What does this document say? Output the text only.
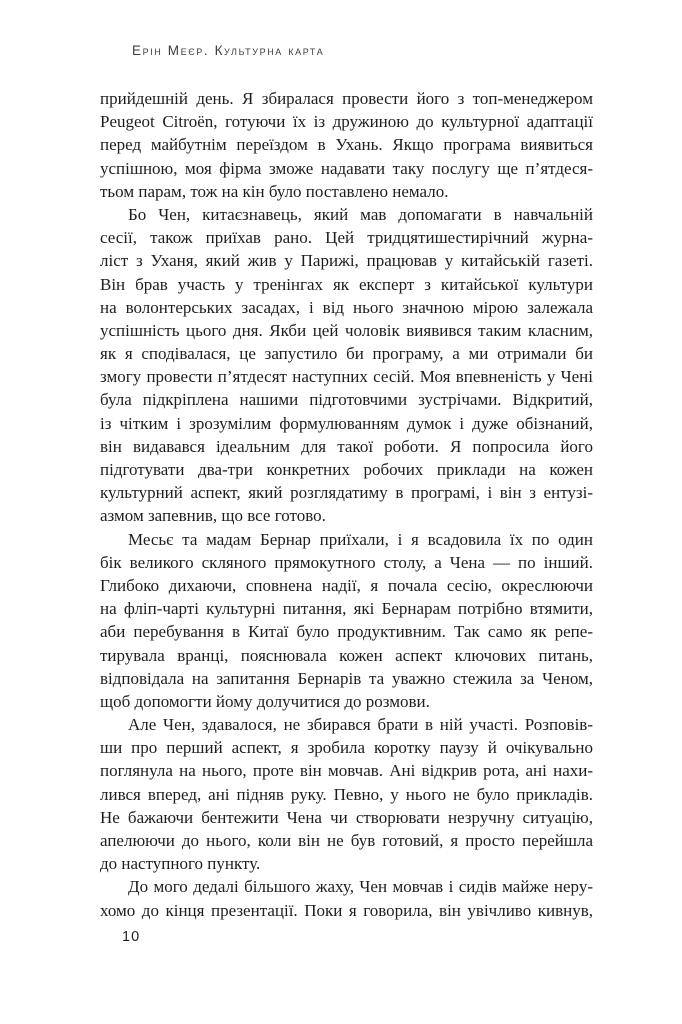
Ерін Меєр. Культурна карта
прийдешній день. Я збиралася провести його з топ-менеджером
Peugeot Citroën, готуючи їх із дружиною до культурної адаптації
перед майбутнім переїздом в Ухань. Якщо програма виявиться
успішною, моя фірма зможе надавати таку послугу ще п’ятдеся-
тьом парам, тож на кін було поставлено немало.
Бо Чен, китаєзнавець, який мав допомагати в навчальній
сесії, також приїхав рано. Цей тридцятишестирічний журна-
ліст з Уханя, який жив у Парижі, працював у китайській газеті.
Він брав участь у тренінгах як експерт з китайської культури
на волонтерських засадах, і від нього значною мірою залежала
успішність цього дня. Якби цей чоловік виявився таким класним,
як я сподівалася, це запустило би програму, а ми отримали би
змогу провести п’ятдесят наступних сесій. Моя впевненість у Чені
була підкріплена нашими підготовчими зустрічами. Відкритий,
із чітким і зрозумілим формулюванням думок і дуже обізнаний,
він видавався ідеальним для такої роботи. Я попросила його
підготувати два-три конкретних робочих приклади на кожен
культурний аспект, який розглядатиму в програмі, і він з ентузі-
азмом запевнив, що все готово.
Месьє та мадам Бернар приїхали, і я всадовила їх по один
бік великого скляного прямокутного столу, а Чена — по інший.
Глибоко дихаючи, сповнена надії, я почала сесію, окреслюючи
на фліп-чарті культурні питання, які Бернарам потрібно втямити,
аби перебування в Китаї було продуктивним. Так само як репе-
тирувала вранці, пояснювала кожен аспект ключових питань,
відповідала на запитання Бернарів та уважно стежила за Ченом,
щоб допомогти йому долучитися до розмови.
Але Чен, здавалося, не збирався брати в ній участі. Розповів-
ши про перший аспект, я зробила коротку паузу й очікувально
поглянула на нього, проте він мовчав. Ані відкрив рота, ані нахи-
лився вперед, ані підняв руку. Певно, у нього не було прикладів.
Не бажаючи бентежити Чена чи створювати незручну ситуацію,
апелюючи до нього, коли він не був готовий, я просто перейшла
до наступного пункту.
До мого дедалі більшого жаху, Чен мовчав і сидів майже неру-
хомо до кінця презентації. Поки я говорила, він увічливо кивнув,
10
